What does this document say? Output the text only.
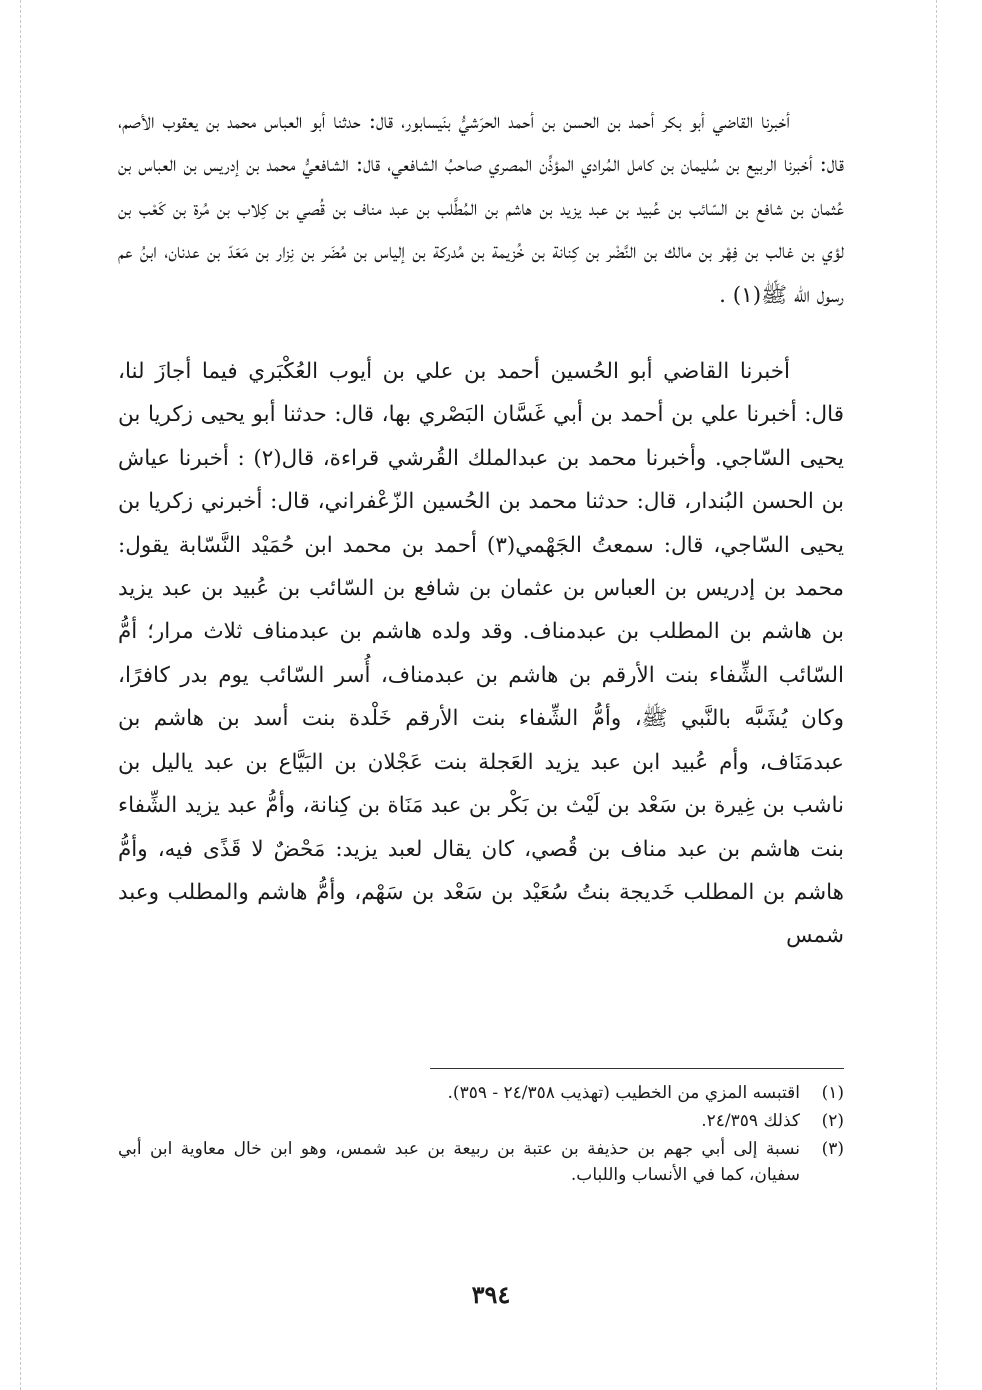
أخبرنا القاضي أبو بكر أحمد بن الحسن بن أحمد الحرَشيُّ بنَيسابور، قال: حدثنا أبو العباس محمد بن يعقوب الأصم، قال: أخبرنا الربيع بن سُليمان بن كامل المُرادي المؤذِّن المصري صاحبُ الشافعي، قال: الشافعيُّ محمد بن إدريس بن العباس بن عُثمان بن شافع بن السّائب بن عُبيد بن عبد يزيد بن هاشم بن المُطَّلب بن عبد مناف بن قُصي بن كِلاب بن مُرة بن كَعْب بن لؤي بن غالب بن فِهْر بن مالك بن النَّضْر بن كِنانة بن خُزيمة بن مُدركة بن إلياس بن مُضَر بن نِزار بن مَعَدّ بن عدنان، ابنُ عم رسول الله ﷺ(١) .

أخبرنا القاضي أبو الحُسين أحمد بن علي بن أيوب العُكْبَري فيما أجازَ لنا، قال: أخبرنا علي بن أحمد بن أبي غَسَّان البَصْري بها، قال: حدثنا أبو يحيى زكريا بن يحيى السّاجي. وأخبرنا محمد بن عبدالملك القُرشي قراءة، قال(٢) : أخبرنا عياش بن الحسن البُندار، قال: حدثنا محمد بن الحُسين الزّعْفراني، قال: أخبرني زكريا بن يحيى السّاجي، قال: سمعتُ الجَهْمي(٣) أحمد بن محمد ابن حُمَيْد النَّسّابة يقول: محمد بن إدريس بن العباس بن عثمان بن شافع بن السّائب بن عُبيد بن عبد يزيد بن هاشم بن المطلب بن عبدمناف. وقد ولده هاشم بن عبدمناف ثلاث مرار؛ أمُّ السّائب الشِّفاء بنت الأرقم بن هاشم بن عبدمناف، أُسر السّائب يوم بدر كافرًا، وكان يُشَبَّه بالنَّبي ﷺ، وأمُّ الشِّفاء بنت الأرقم خَلْدة بنت أسد بن هاشم بن عبدمَنَاف، وأم عُبيد ابن عبد يزيد العَجلة بنت عَجْلان بن البَيَّاع بن عبد ياليل بن ناشب بن غِيرة بن سَعْد بن لَيْث بن بَكْر بن عبد مَنَاة بن كِنانة، وأمُّ عبد يزيد الشِّفاء بنت هاشم بن عبد مناف بن قُصي، كان يقال لعبد يزيد: مَحْضٌ لا قَذًى فيه، وأمُّ هاشم بن المطلب خَديجة بنتُ سُعَيْد بن سَعْد بن سَهْم، وأمُّ هاشم والمطلب وعبد شمس

(١)
اقتبسه المزي من الخطيب (تهذيب ٢٤/٣٥٨ - ٣٥٩).
(٢)
كذلك ٢٤/٣٥٩.
(٣)
نسبة إلى أبي جهم بن حذيفة بن عتبة بن ربيعة بن عبد شمس، وهو ابن خال معاوية ابن أبي سفيان، كما في الأنساب واللباب.
٣٩٤
